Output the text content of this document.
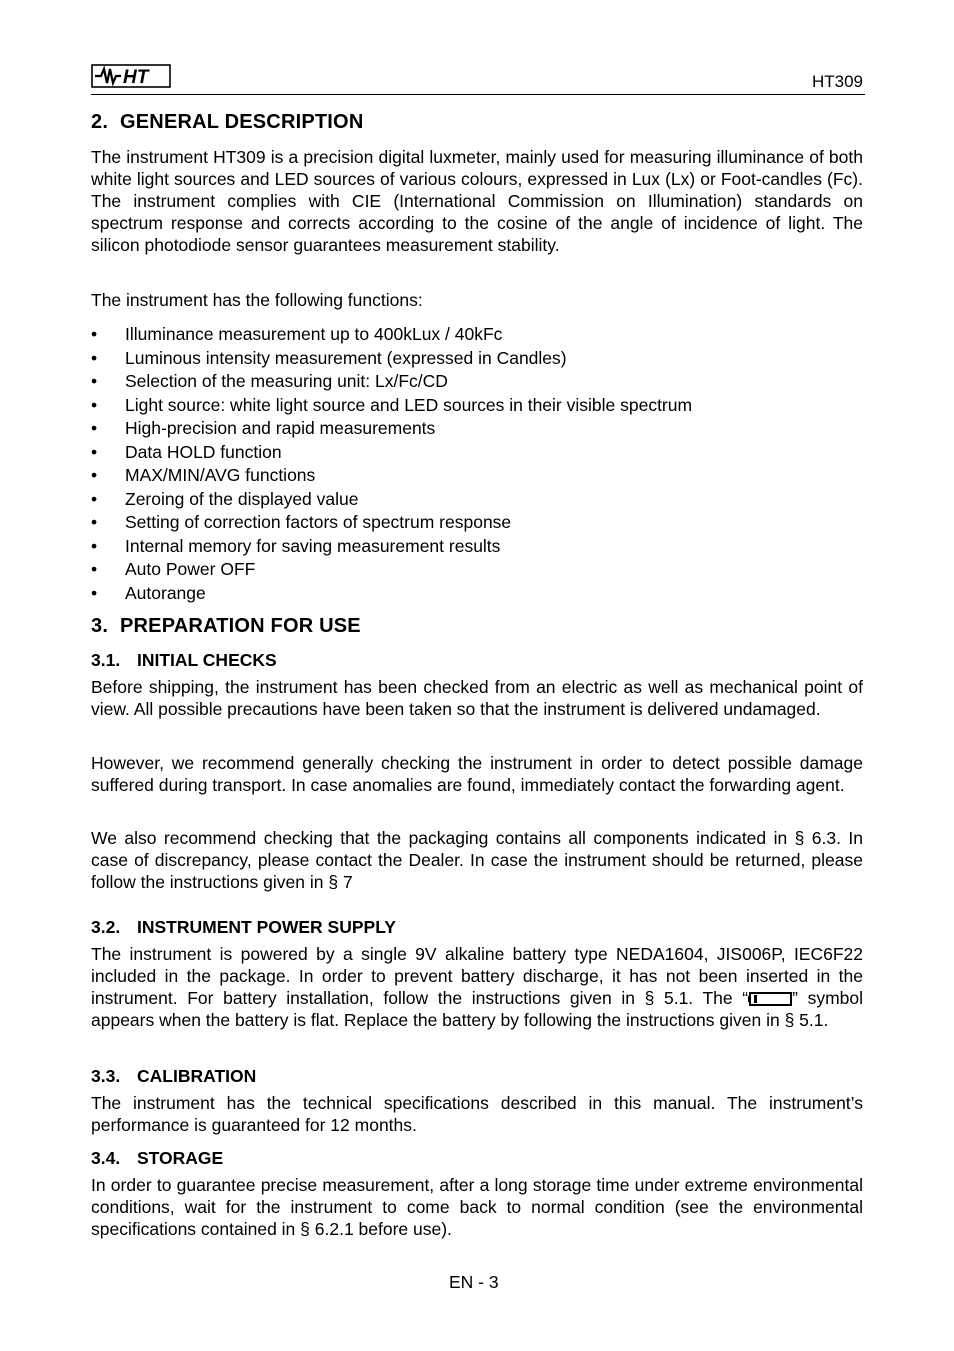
HT	HT309
2. GENERAL DESCRIPTION
The instrument HT309 is a precision digital luxmeter, mainly used for measuring illuminance of both white light sources and LED sources of various colours, expressed in Lux (Lx) or Foot-candles (Fc). The instrument complies with CIE (International Commission on Illumination) standards on spectrum response and corrects according to the cosine of the angle of incidence of light. The silicon photodiode sensor guarantees measurement stability.
The instrument has the following functions:
• Illuminance measurement up to 400kLux / 40kFc
• Luminous intensity measurement (expressed in Candles)
• Selection of the measuring unit: Lx/Fc/CD
• Light source: white light source and LED sources in their visible spectrum
• High-precision and rapid measurements
• Data HOLD function
• MAX/MIN/AVG functions
• Zeroing of the displayed value
• Setting of correction factors of spectrum response
• Internal memory for saving measurement results
• Auto Power OFF
• Autorange
3. PREPARATION FOR USE
3.1. INITIAL CHECKS
Before shipping, the instrument has been checked from an electric as well as mechanical point of view. All possible precautions have been taken so that the instrument is delivered undamaged.
However, we recommend generally checking the instrument in order to detect possible damage suffered during transport. In case anomalies are found, immediately contact the forwarding agent.
We also recommend checking that the packaging contains all components indicated in § 6.3. In case of discrepancy, please contact the Dealer. In case the instrument should be returned, please follow the instructions given in § 7
3.2. INSTRUMENT POWER SUPPLY
The instrument is powered by a single 9V alkaline battery type NEDA1604, JIS006P, IEC6F22 included in the package. In order to prevent battery discharge, it has not been inserted in the instrument. For battery installation, follow the instructions given in § 5.1. The “	” symbol appears when the battery is flat. Replace the battery by following the instructions given in § 5.1.
3.3. CALIBRATION
The instrument has the technical specifications described in this manual. The instrument’s performance is guaranteed for 12 months.
3.4. STORAGE
In order to guarantee precise measurement, after a long storage time under extreme environmental conditions, wait for the instrument to come back to normal condition (see the environmental specifications contained in § 6.2.1 before use).
EN - 3
